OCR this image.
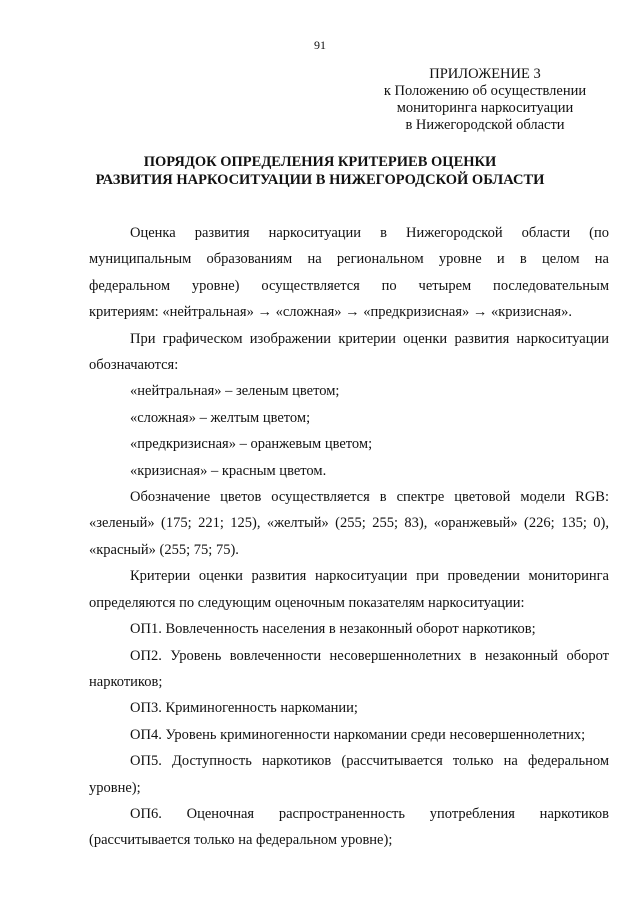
91
ПРИЛОЖЕНИЕ 3
к Положению об осуществлении
мониторинга наркоситуации
в Нижегородской области
ПОРЯДОК ОПРЕДЕЛЕНИЯ КРИТЕРИЕВ ОЦЕНКИ
РАЗВИТИЯ НАРКОСИТУАЦИИ В НИЖЕГОРОДСКОЙ ОБЛАСТИ
Оценка развития наркоситуации в Нижегородской области (по
муниципальным образованиям на региональном уровне и в целом на
федеральном уровне) осуществляется по четырем последовательным
критериям: «нейтральная» → «сложная» → «предкризисная» → «кризисная».
При графическом изображении критерии оценки развития наркоситуации
обозначаются:
«нейтральная» – зеленым цветом;
«сложная» – желтым цветом;
«предкризисная» – оранжевым цветом;
«кризисная» – красным цветом.
Обозначение цветов осуществляется в спектре цветовой модели RGB:
«зеленый» (175; 221; 125), «желтый» (255; 255; 83), «оранжевый» (226; 135; 0),
«красный» (255; 75; 75).
Критерии оценки развития наркоситуации при проведении мониторинга
определяются по следующим оценочным показателям наркоситуации:
ОП1. Вовлеченность населения в незаконный оборот наркотиков;
ОП2. Уровень вовлеченности несовершеннолетних в незаконный оборот
наркотиков;
ОП3. Криминогенность наркомании;
ОП4. Уровень криминогенности наркомании среди несовершеннолетних;
ОП5. Доступность наркотиков (рассчитывается только на федеральном
уровне);
ОП6. Оценочная распространенность употребления наркотиков
(рассчитывается только на федеральном уровне);
